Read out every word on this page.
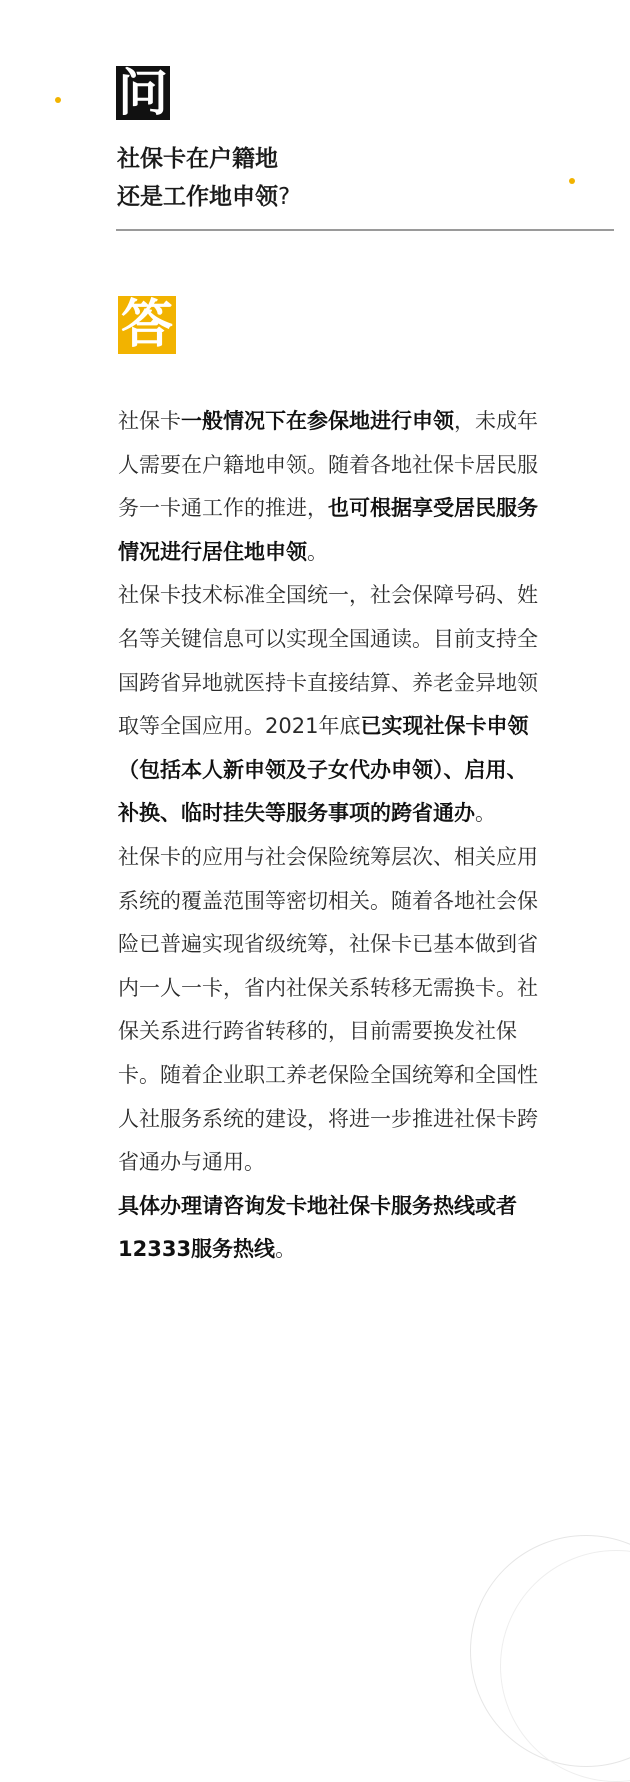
问
社保卡在户籍地
还是工作地申领?
答

社保卡一般情况下在参保地进行申领，未成年人需要在户籍地申领。随着各地社保卡居民服务一卡通工作的推进，也可根据享受居民服务情况进行居住地申领。

社保卡技术标准全国统一，社会保障号码、姓名等关键信息可以实现全国通读。目前支持全国跨省异地就医持卡直接结算、养老金异地领取等全国应用。2021年底已实现社保卡申领（包括本人新申领及子女代办申领）、启用、补换、临时挂失等服务事项的跨省通办。

社保卡的应用与社会保险统筹层次、相关应用系统的覆盖范围等密切相关。随着各地社会保险已普遍实现省级统筹，社保卡已基本做到省内一人一卡，省内社保关系转移无需换卡。社保关系进行跨省转移的，目前需要换发社保卡。随着企业职工养老保险全国统筹和全国性人社服务系统的建设，将进一步推进社保卡跨省通办与通用。

具体办理请咨询发卡地社保卡服务热线或者12333服务热线。
